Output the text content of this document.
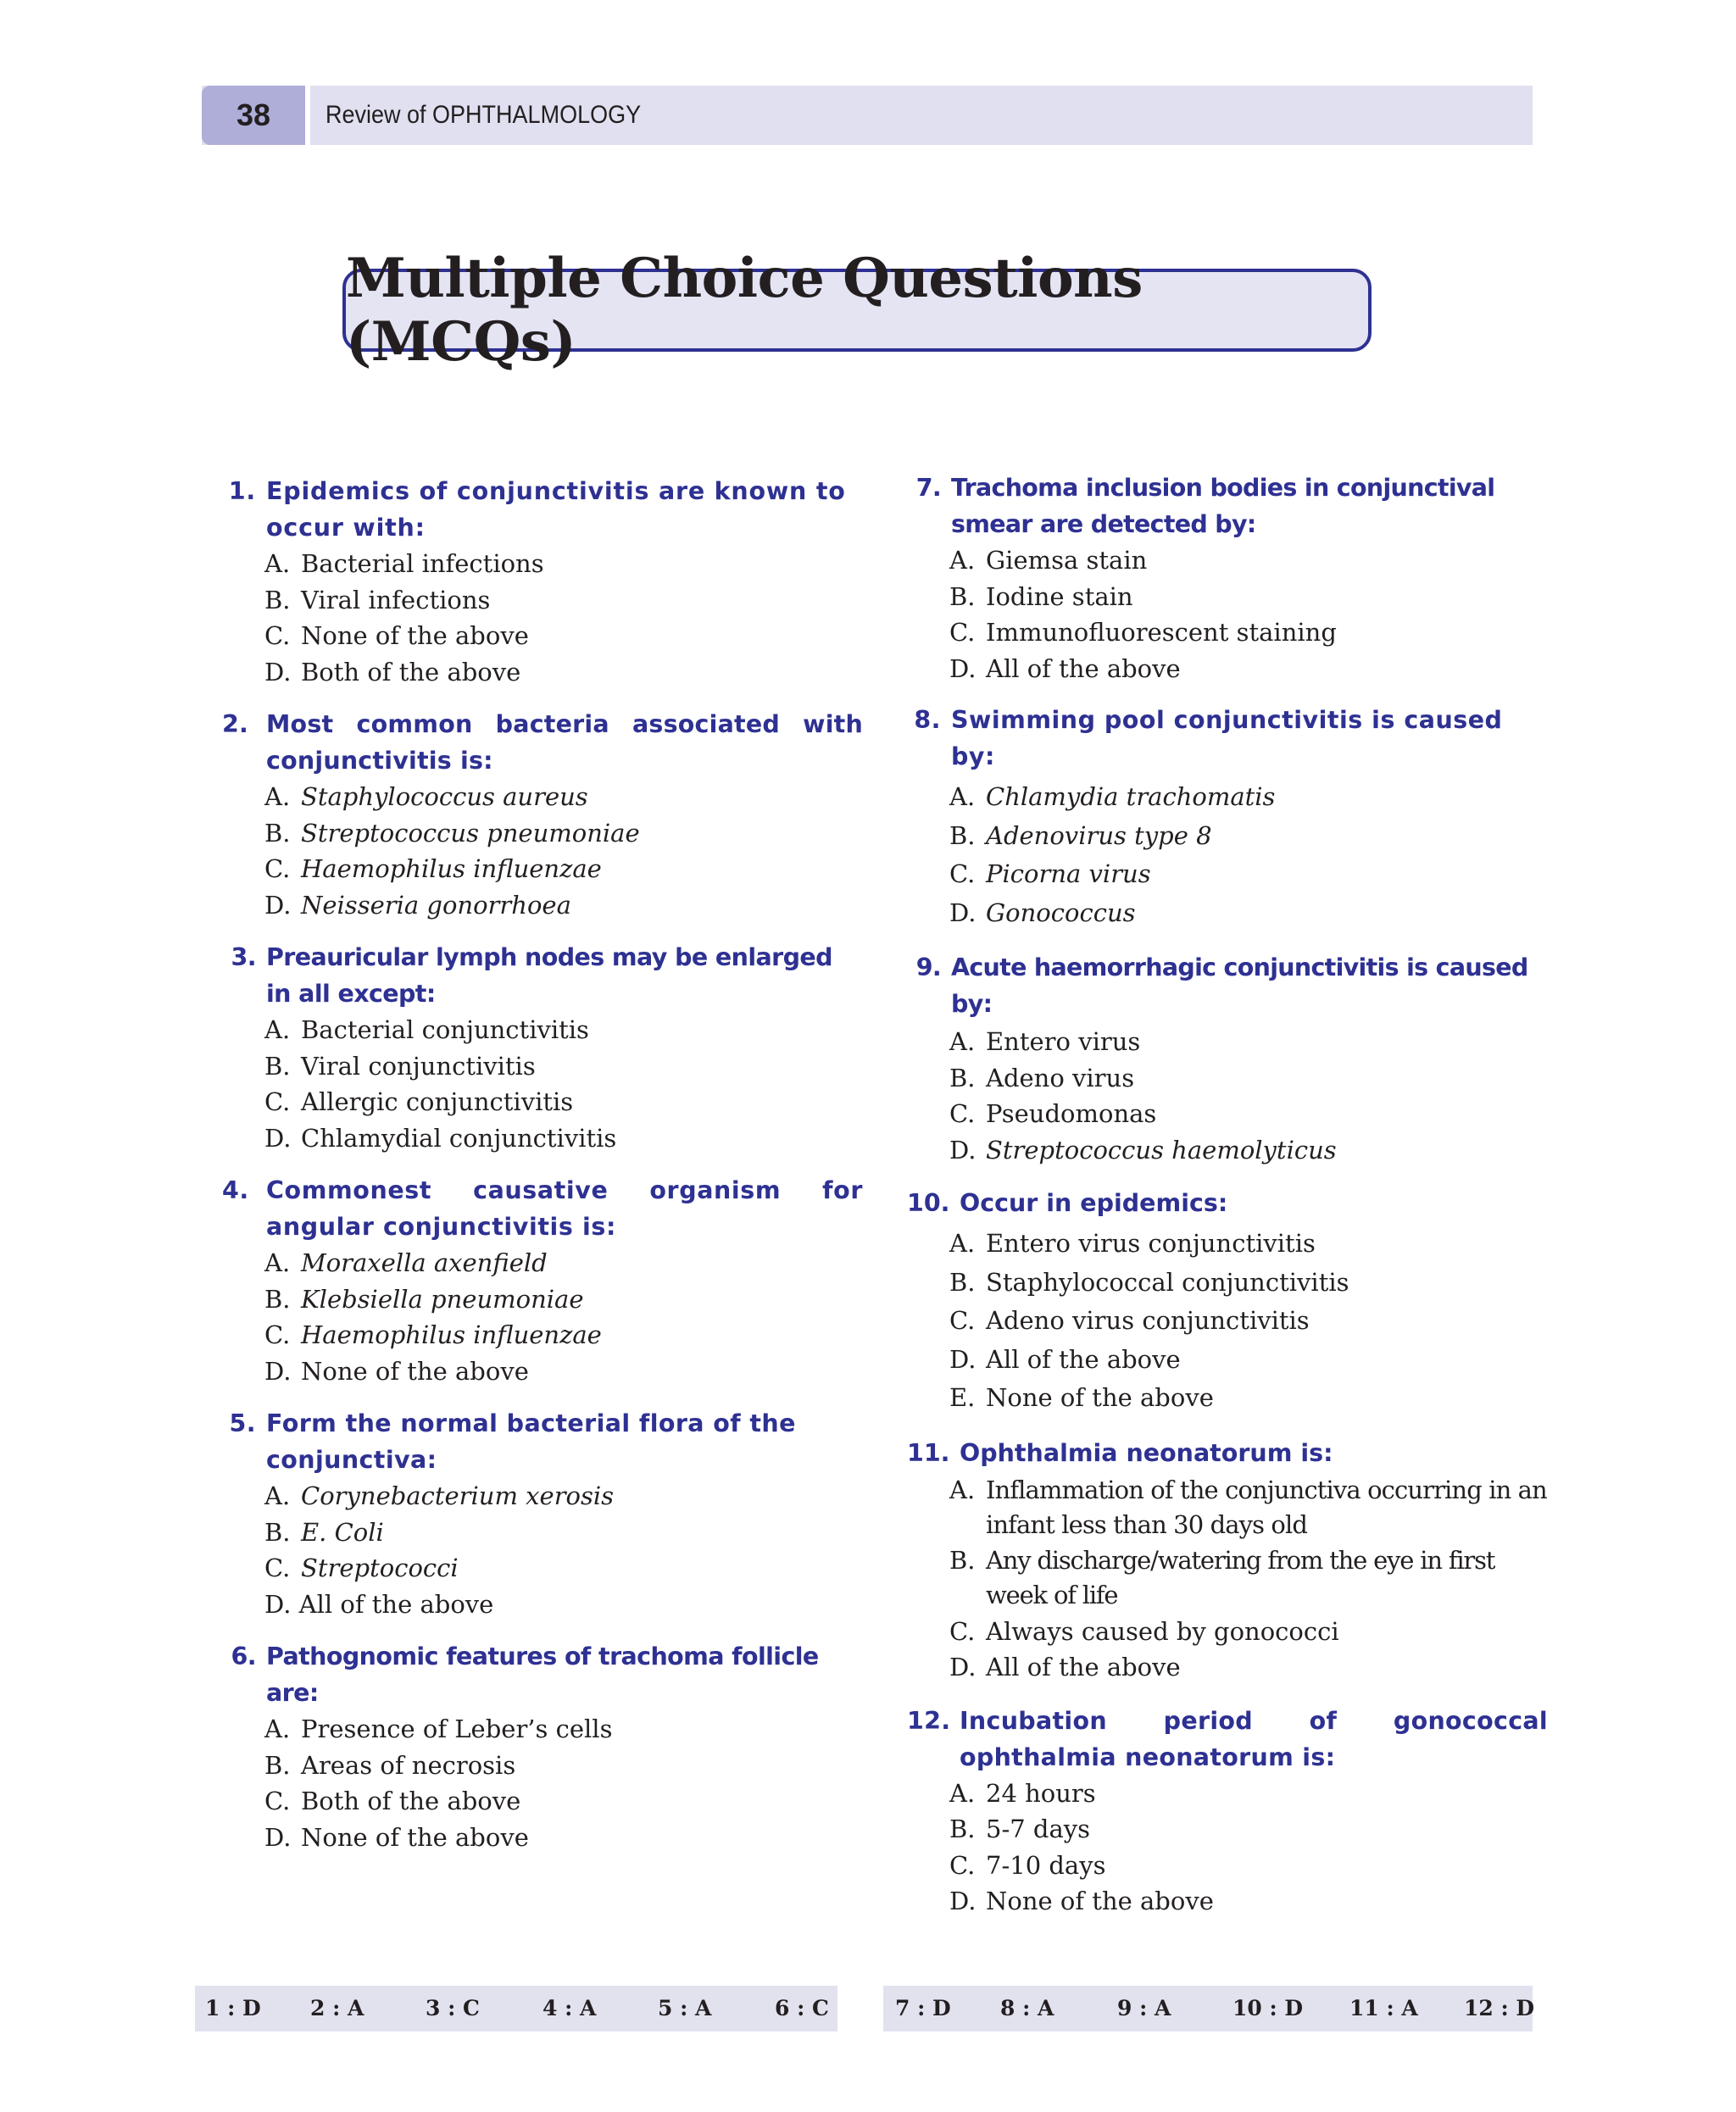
38	Review of OPHTHALMOLOGY
Multiple Choice Questions (MCQs)
1. Epidemics of conjunctivitis are known to occur with:
A. Bacterial infections
B. Viral infections
C. None of the above
D. Both of the above
2. Most common bacteria associated with conjunctivitis is:
A. Staphylococcus aureus
B. Streptococcus pneumoniae
C. Haemophilus influenzae
D. Neisseria gonorrhoea
3. Preauricular lymph nodes may be enlarged in all except:
A. Bacterial conjunctivitis
B. Viral conjunctivitis
C. Allergic conjunctivitis
D. Chlamydial conjunctivitis
4. Commonest causative organism for angular conjunctivitis is:
A. Moraxella axenfield
B. Klebsiella pneumoniae
C. Haemophilus influenzae
D. None of the above
5. Form the normal bacterial flora of the conjunctiva:
A. Corynebacterium xerosis
B. E. Coli
C. Streptococci
D. All of the above
6. Pathognomic features of trachoma follicle are:
A. Presence of Leber’s cells
B. Areas of necrosis
C. Both of the above
D. None of the above
7. Trachoma inclusion bodies in conjunctival smear are detected by:
A. Giemsa stain
B. Iodine stain
C. Immunofluorescent staining
D. All of the above
8. Swimming pool conjunctivitis is caused by:
A. Chlamydia trachomatis
B. Adenovirus type 8
C. Picorna virus
D. Gonococcus
9. Acute haemorrhagic conjunctivitis is caused by:
A. Entero virus
B. Adeno virus
C. Pseudomonas
D. Streptococcus haemolyticus
10. Occur in epidemics:
A. Entero virus conjunctivitis
B. Staphylococcal conjunctivitis
C. Adeno virus conjunctivitis
D. All of the above
E. None of the above
11. Ophthalmia neonatorum is:
A. Inflammation of the conjunctiva occurring in an infant less than 30 days old
B. Any discharge/watering from the eye in first week of life
C. Always caused by gonococci
D. All of the above
12. Incubation period of gonococcal ophthalmia neonatorum is:
A. 24 hours
B. 5-7 days
C. 7-10 days
D. None of the above
1 : D 2 : A	3 : C	4 : A	5 : A	6 : C	7 : D 8 : A	9 : A	10 : D 11 : A 12 : D
